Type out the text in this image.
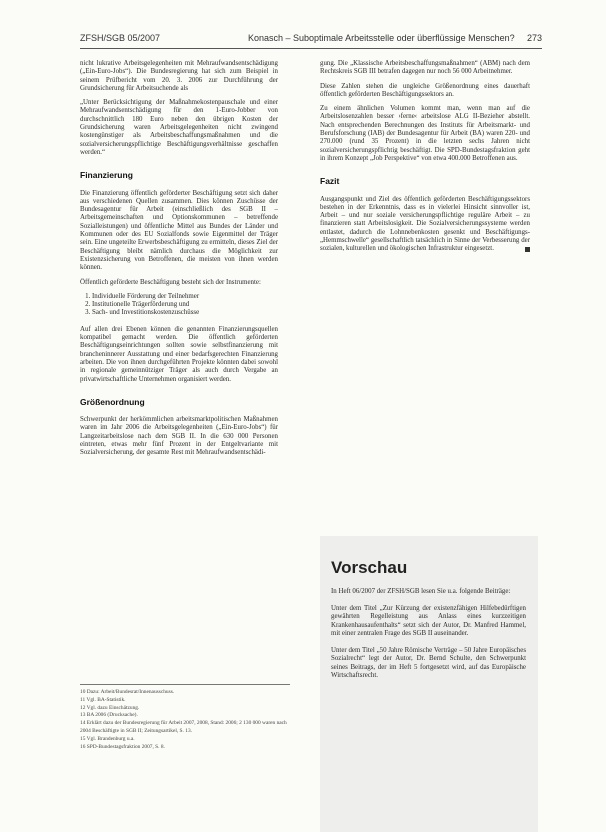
ZFSH/SGB 05/2007	Konasch – Suboptimale Arbeitsstelle oder überflüssige Menschen? 273

nicht lukrative Arbeitsgelegenheiten mit Mehraufwandsentschädigung („Ein-Euro-Jobs“). Die Bundesregierung hat sich zum Beispiel in seinem Prüfbericht vom 20. 3. 2006 zur Durchführung der Grundsicherung für Arbeitsuchende als

„Unter Berücksichtigung der Maßnahmekostenpauschale und einer Mehraufwandsentschädigung für den 1-Euro-Jobber von durchschnittlich 180 Euro neben den übrigen Kosten der Grundsicherung waren Arbeitsgelegenheiten nicht zwingend kostengünstiger als Arbeitsbeschaffungsmaßnahmen und die sozialversicherungspflichtige Beschäftigungsverhältnisse geschaffen werden.“

Finanzierung

Die Finanzierung öffentlich geförderter Beschäftigung setzt sich daher aus verschiedenen Quellen zusammen. Dies können Zuschüsse der Bundesagentur für Arbeit (einschließlich des SGB II – Arbeitsgemeinschaften und Optionskommunen – betreffende Sozialleistungen) und öffentliche Mittel aus Bundes der Länder und Kommunen oder des EU Sozialfonds sowie Eigenmittel der Träger sein. Eine ungeteilte Erwerbsbeschäftigung zu ermitteln, dieses Ziel der Beschäftigung bleibt nämlich durchaus die Möglichkeit zur Existenzsicherung von Betroffenen, die meisten von ihnen werden können.

Öffentlich geförderte Beschäftigung besteht sich der Instrumente:

1. Individuelle Förderung der Teilnehmer
2. Institutionelle Trägerförderung und
3. Sach- und Investitionskostenzuschüsse

Auf allen drei Ebenen können die genannten Finanzierungsquellen kompatibel gemacht werden. Die öffentlich geförderten Beschäftigungseinrichtungen sollten sowie selbstfinanzierung mit brancheninnerer Ausstattung und einer bedarfsgerechten Finanzierung arbeiten. Die von ihnen durchgeführten Projekte könnten dabei sowohl in regionale gemeinnütziger Träger als auch durch Vergabe an privatwirtschaftliche Unternehmen organisiert werden.

Größenordnung

Schwerpunkt der herkömmlichen arbeitsmarktpolitischen Maßnahmen waren im Jahr 2006 die Arbeitsgelegenheiten („Ein-Euro-Jobs“) für Langzeitarbeitslose nach dem SGB II. In die 630 000 Personen eintreten, etwas mehr fünf Prozent in der Entgeltvariante mit Sozialversicherung, der gesamte Rest mit Mehraufwandsentschädi-

gung. Die „Klassische Arbeitsbeschaffungsmaßnahmen“ (ABM) nach dem Rechtskreis SGB III betrafen dagegen nur noch 56 000 Arbeitnehmer.

Diese Zahlen stehen die ungleiche Größenordnung eines dauerhaft öffentlich geförderten Beschäftigungssektors an.

Zu einem ähnlichen Volumen kommt man, wenn man auf die Arbeitslosenzahlen besser ›ferne‹ arbeitslose ALG II-Bezieher abstellt. Nach entsprechenden Berechnungen des Instituts für Arbeitsmarkt- und Berufsforschung (IAB) der Bundesagentur für Arbeit (BA) waren 220- und 270.000 (rund 35 Prozent) in die letzten sechs Jahren nicht sozialversicherungspflichtig beschäftigt. Die SPD-Bundestagsfraktion geht in ihrem Konzept „Job Perspektive“ von etwa 400.000 Betroffenen aus.

Fazit

Ausgangspunkt und Ziel des öffentlich geförderten Beschäftigungssektors bestehen in der Erkenntnis, dass es in vielerlei Hinsicht sinnvoller ist, Arbeit – und nur soziale versicherungspflichtige reguläre Arbeit – zu finanzieren statt Arbeitslosigkeit. Die Sozialversicherungssysteme werden entlastet, dadurch die Lohnnebenkosten gesenkt und Beschäftigungs-„Hemmschwelle“ gesellschaftlich tatsächlich in Sinne der Verbesserung der sozialen, kulturellen und ökologischen Infrastruktur eingesetzt.

10 Dazu: Arbeit/Bundesrat/Innenausschuss.
11 Vgl. BA-Statistik.
12 Vgl. dazu Einschätzung.
13 BA 2006 (Drucksache).
14 Erklärt dazu der Bundesregierung für Arbeit 2007, 2008, Stand: 2006; 2 130 000 waren nach 2004 Beschäftigte in SGB II; Zeitungsartikel, S. 13.
15 Vgl. Brandenburg u.a.
16 SPD-Bundestagsfraktion 2007, S. 8.
Vorschau

In Heft 06/2007 der ZFSH/SGB lesen Sie u.a. folgende Beiträge:

Unter dem Titel „Zur Kürzung der existenzfähigen Hilfebedürftigen gewährten Regelleistung aus Anlass eines kurzzeitigen Krankenhausaufenthalts“ setzt sich der Autor, Dr. Manfred Hammel, mit einer zentralen Frage des SGB II auseinander.

Unter dem Titel „50 Jahre Römische Verträge – 50 Jahre Europäisches Sozialrecht“ legt der Autor, Dr. Bernd Schulte, den Schwerpunkt seines Beitrags, der im Heft 5 fortgesetzt wird, auf das Europäische Wirtschaftsrecht.
